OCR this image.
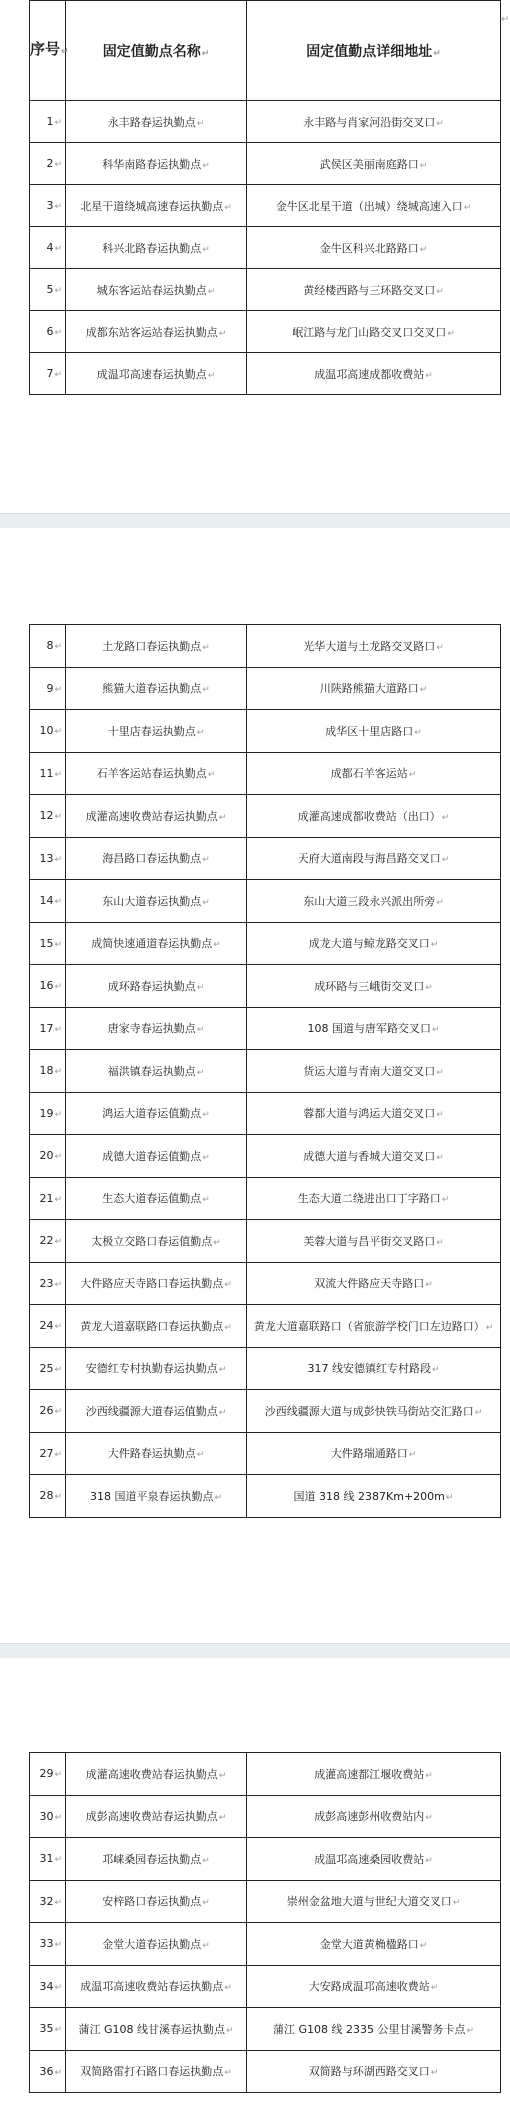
↵
序号↵	固定值勤点名称↵	固定值勤点详细地址↵
1↵	永丰路春运执勤点↵	永丰路与肖家河沿街交叉口↵
2↵	科华南路春运执勤点↵	武侯区美丽南庭路口↵
3↵	北星干道绕城高速春运执勤点↵	金牛区北星干道（出城）绕城高速入口↵
4↵	科兴北路春运执勤点↵	金牛区科兴北路路口↵
5↵	城东客运站春运执勤点↵	黄经楼西路与三环路交叉口↵
6↵	成都东站客运站春运执勤点↵	岷江路与龙门山路交叉口交叉口↵
7↵	成温邛高速春运执勤点↵	成温邛高速成都收费站↵
8↵	土龙路口春运执勤点↵	光华大道与土龙路交叉路口↵
9↵	熊猫大道春运执勤点↵	川陕路熊猫大道路口↵
10↵	十里店春运执勤点↵	成华区十里店路口↵
11↵	石羊客运站春运执勤点↵	成都石羊客运站↵
12↵	成灌高速收费站春运执勤点↵	成灌高速成都收费站（出口）↵
13↵	海昌路口春运执勤点↵	天府大道南段与海昌路交叉口↵
14↵	东山大道春运执勤点↵	东山大道三段永兴派出所旁↵
15↵	成简快速通道春运执勤点↵	成龙大道与鲸龙路交叉口↵
16↵	成环路春运执勤点↵	成环路与三峨街交叉口↵
17↵	唐家寺春运执勤点↵	108 国道与唐军路交叉口↵
18↵	福洪镇春运执勤点↵	货运大道与青南大道交叉口↵
19↵	鸿运大道春运值勤点↵	蓉都大道与鸿运大道交叉口↵
20↵	成德大道春运值勤点↵	成德大道与香城大道交叉口↵
21↵	生态大道春运值勤点↵	生态大道二绕进出口丁字路口↵
22↵	太极立交路口春运值勤点↵	芙蓉大道与昌平街交叉路口↵
23↵	大件路应天寺路口春运执勤点↵	双流大件路应天寺路口↵
24↵	黄龙大道嘉联路口春运执勤点↵	黄龙大道嘉联路口（省旅游学校门口左边路口）↵
25↵	安德红专村执勤春运执勤点↵	317 线安德镇红专村路段↵
26↵	沙西线疆源大道春运值勤点↵	沙西线疆源大道与成彭快铁马街站交汇路口↵
27↵	大件路春运执勤点↵	大件路瑞通路口↵
28↵	318 国道平泉春运执勤点↵	国道 318 线 2387Km+200m↵
29↵	成灌高速收费站春运执勤点↵	成灌高速都江堰收费站↵
30↵	成彭高速收费站春运执勤点↵	成彭高速彭州收费站内↵
31↵	邛崃桑园春运执勤点↵	成温邛高速桑园收费站↵
32↵	安梓路口春运执勤点↵	崇州金盆地大道与世纪大道交叉口↵
33↵	金堂大道春运执勤点↵	金堂大道黄桷楹路口↵
34↵	成温邛高速收费站春运执勤点↵	大安路成温邛高速收费站↵
35↵	蒲江 G108 线甘溪春运执勤点↵	蒲江 G108 线 2335 公里甘溪警务卡点↵
36↵	双简路雷打石路口春运执勤点↵	双简路与环湖西路交叉口↵
